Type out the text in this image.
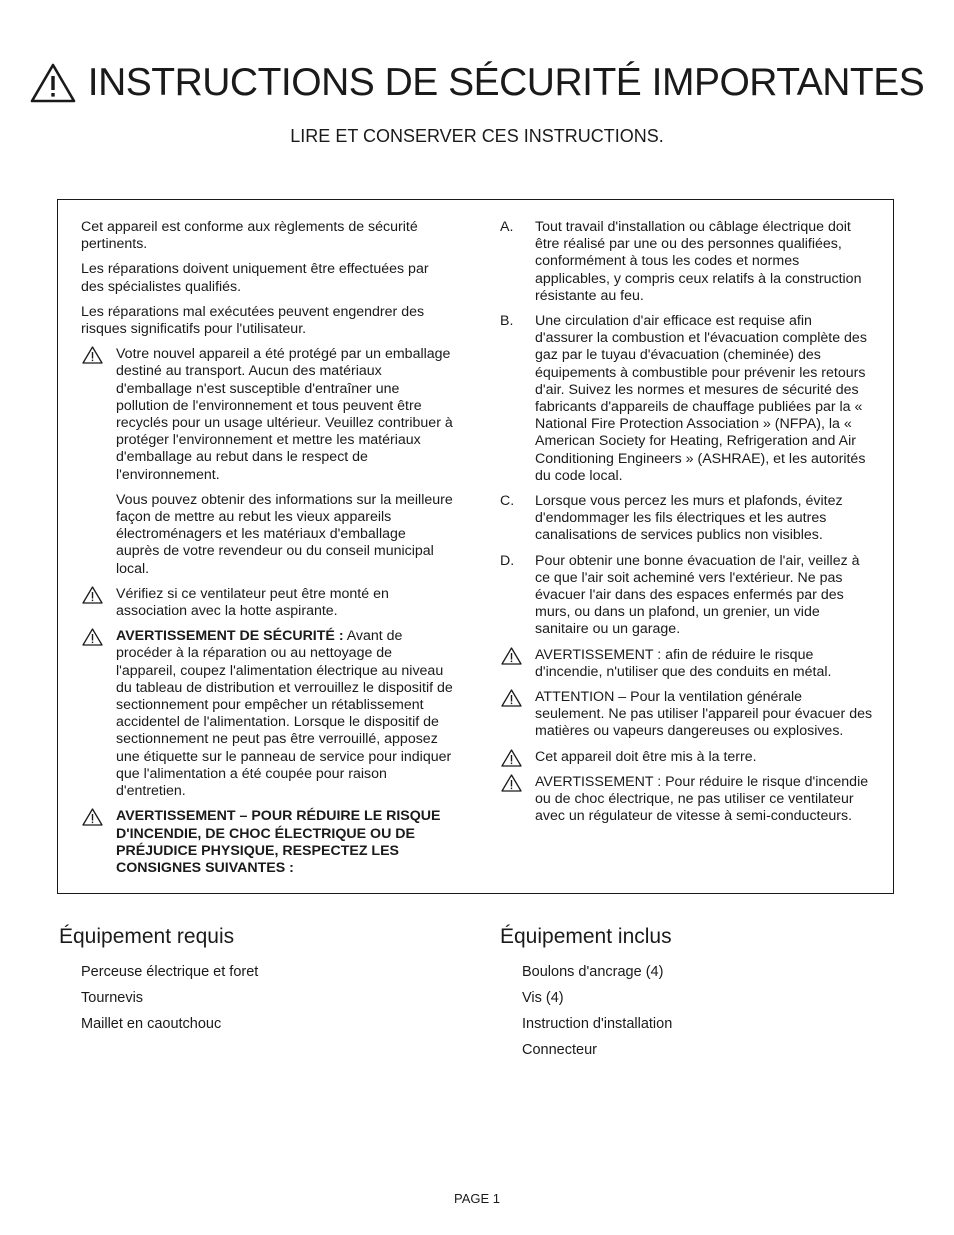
INSTRUCTIONS DE SÉCURITÉ IMPORTANTES
LIRE ET CONSERVER CES INSTRUCTIONS.

Cet appareil est conforme aux règlements de sécurité pertinents.

Les réparations doivent uniquement être effectuées par des spécialistes qualifiés.

Les réparations mal exécutées peuvent engendrer des risques significatifs pour l'utilisateur.

Votre nouvel appareil a été protégé par un emballage destiné au transport. Aucun des matériaux d'emballage n'est susceptible d'entraîner une pollution de l'environnement et tous peuvent être recyclés pour un usage ultérieur. Veuillez contribuer à protéger l'environnement et mettre les matériaux d'emballage au rebut dans le respect de l'environnement.
Vous pouvez obtenir des informations sur la meilleure façon de mettre au rebut les vieux appareils électroménagers et les matériaux d'emballage auprès de votre revendeur ou du conseil municipal local.
Vérifiez si ce ventilateur peut être monté en association avec la hotte aspirante.
AVERTISSEMENT DE SÉCURITÉ : Avant de procéder à la réparation ou au nettoyage de l'appareil, coupez l'alimentation électrique au niveau du tableau de distribution et verrouillez le dispositif de sectionnement pour empêcher un rétablissement accidentel de l'alimentation. Lorsque le dispositif de sectionnement ne peut pas être verrouillé, apposez une étiquette sur le panneau de service pour indiquer que l'alimentation a été coupée pour raison d'entretien.
AVERTISSEMENT – POUR RÉDUIRE LE RISQUE D'INCENDIE, DE CHOC ÉLECTRIQUE OU DE PRÉJUDICE PHYSIQUE, RESPECTEZ LES CONSIGNES SUIVANTES :
A. Tout travail d'installation ou câblage électrique doit être réalisé par une ou des personnes qualifiées, conformément à tous les codes et normes applicables, y compris ceux relatifs à la construction résistante au feu.
B. Une circulation d'air efficace est requise afin d'assurer la combustion et l'évacuation complète des gaz par le tuyau d'évacuation (cheminée) des équipements à combustible pour prévenir les retours d'air. Suivez les normes et mesures de sécurité des fabricants d'appareils de chauffage publiées par la « National Fire Protection Association » (NFPA), la « American Society for Heating, Refrigeration and Air Conditioning Engineers » (ASHRAE), et les autorités du code local.
C. Lorsque vous percez les murs et plafonds, évitez d'endommager les fils électriques et les autres canalisations de services publics non visibles.
D. Pour obtenir une bonne évacuation de l'air, veillez à ce que l'air soit acheminé vers l'extérieur. Ne pas évacuer l'air dans des espaces enfermés par des murs, ou dans un plafond, un grenier, un vide sanitaire ou un garage.
AVERTISSEMENT : afin de réduire le risque d'incendie, n'utiliser que des conduits en métal.
ATTENTION – Pour la ventilation générale seulement. Ne pas utiliser l'appareil pour évacuer des matières ou vapeurs dangereuses ou explosives.
Cet appareil doit être mis à la terre.
AVERTISSEMENT : Pour réduire le risque d'incendie ou de choc électrique, ne pas utiliser ce ventilateur avec un régulateur de vitesse à semi-conducteurs.
Équipement requis
Perceuse électrique et foret
Tournevis
Maillet en caoutchouc
Équipement inclus
Boulons d'ancrage (4)
Vis (4)
Instruction d'installation
Connecteur
PAGE 1
